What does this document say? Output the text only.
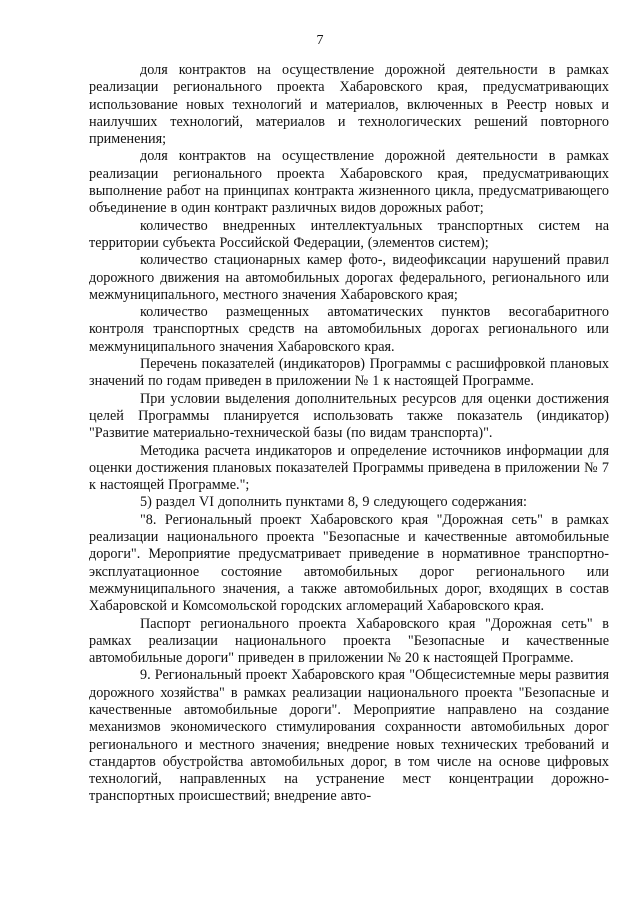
7

доля контрактов на осуществление дорожной деятельности в рамках реализации регионального проекта Хабаровского края, предусматривающих использование новых технологий и материалов, включенных в Реестр новых и наилучших технологий, материалов и технологических решений повторного применения;

доля контрактов на осуществление дорожной деятельности в рамках реализации регионального проекта Хабаровского края, предусматривающих выполнение работ на принципах контракта жизненного цикла, предусматривающего объединение в один контракт различных видов дорожных работ;

количество внедренных интеллектуальных транспортных систем на территории субъекта Российской Федерации, (элементов систем);

количество стационарных камер фото-, видеофиксации нарушений правил дорожного движения на автомобильных дорогах федерального, регионального или межмуниципального, местного значения Хабаровского края;

количество размещенных автоматических пунктов весогабаритного контроля транспортных средств на автомобильных дорогах регионального или межмуниципального значения Хабаровского края.

Перечень показателей (индикаторов) Программы с расшифровкой плановых значений по годам приведен в приложении № 1 к настоящей Программе.

При условии выделения дополнительных ресурсов для оценки достижения целей Программы планируется использовать также показатель (индикатор) "Развитие материально-технической базы (по видам транспорта)".

Методика расчета индикаторов и определение источников информации для оценки достижения плановых показателей Программы приведена в приложении № 7 к настоящей Программе.";

5) раздел VI дополнить пунктами 8, 9 следующего содержания:

"8. Региональный проект Хабаровского края "Дорожная сеть" в рамках реализации национального проекта "Безопасные и качественные автомобильные дороги". Мероприятие предусматривает приведение в нормативное транспортно-эксплуатационное состояние автомобильных дорог регионального или межмуниципального значения, а также автомобильных дорог, входящих в состав Хабаровской и Комсомольской городских агломераций Хабаровского края.

Паспорт регионального проекта Хабаровского края "Дорожная сеть" в рамках реализации национального проекта "Безопасные и качественные автомобильные дороги" приведен в приложении № 20 к настоящей Программе.

9. Региональный проект Хабаровского края "Общесистемные меры развития дорожного хозяйства" в рамках реализации национального проекта "Безопасные и качественные автомобильные дороги". Мероприятие направлено на создание механизмов экономического стимулирования сохранности автомобильных дорог регионального и местного значения; внедрение новых технических требований и стандартов обустройства автомобильных дорог, в том числе на основе цифровых технологий, направленных на устранение мест концентрации дорожно-транспортных происшествий; внедрение авто-
